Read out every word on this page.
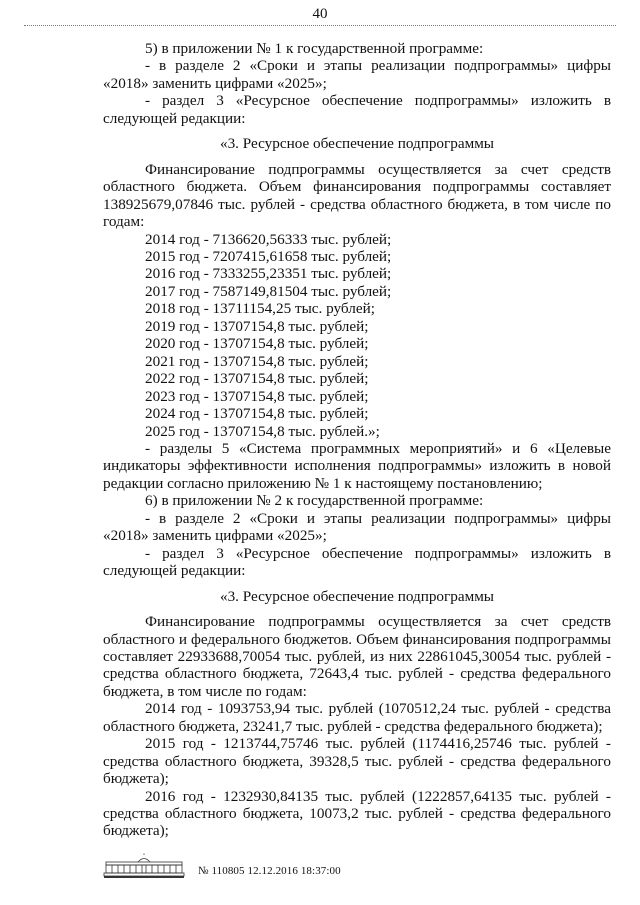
40

5) в приложении № 1 к государственной программе:

- в разделе 2 «Сроки и этапы реализации подпрограммы» цифры «2018» заменить цифрами «2025»;

- раздел 3 «Ресурсное обеспечение подпрограммы» изложить в следующей редакции:

«3. Ресурсное обеспечение подпрограммы

Финансирование подпрограммы осуществляется за счет средств областного бюджета. Объем финансирования подпрограммы составляет 138925679,07846 тыс. рублей - средства областного бюджета, в том числе по годам:

2014 год - 7136620,56333 тыс. рублей;

2015 год - 7207415,61658 тыс. рублей;

2016 год - 7333255,23351 тыс. рублей;

2017 год - 7587149,81504 тыс. рублей;

2018 год - 13711154,25 тыс. рублей;

2019 год - 13707154,8 тыс. рублей;

2020 год - 13707154,8 тыс. рублей;

2021 год - 13707154,8 тыс. рублей;

2022 год - 13707154,8 тыс. рублей;

2023 год - 13707154,8 тыс. рублей;

2024 год - 13707154,8 тыс. рублей;

2025 год - 13707154,8 тыс. рублей.»;

- разделы 5 «Система программных мероприятий» и 6 «Целевые индикаторы эффективности исполнения подпрограммы» изложить в новой редакции согласно приложению № 1 к настоящему постановлению;

6) в приложении № 2 к государственной программе:

- в разделе 2 «Сроки и этапы реализации подпрограммы» цифры «2018» заменить цифрами «2025»;

- раздел 3 «Ресурсное обеспечение подпрограммы» изложить в следующей редакции:

«3. Ресурсное обеспечение подпрограммы

Финансирование подпрограммы осуществляется за счет средств областного и федерального бюджетов. Объем финансирования подпрограммы составляет 22933688,70054 тыс. рублей, из них 22861045,30054 тыс. рублей - средства областного бюджета, 72643,4 тыс. рублей - средства федерального бюджета, в том числе по годам:

2014 год - 1093753,94 тыс. рублей (1070512,24 тыс. рублей - средства областного бюджета, 23241,7 тыс. рублей - средства федерального бюджета);

2015 год - 1213744,75746 тыс. рублей (1174416,25746 тыс. рублей - средства областного бюджета, 39328,5 тыс. рублей - средства федерального бюджета);

2016 год - 1232930,84135 тыс. рублей (1222857,64135 тыс. рублей - средства областного бюджета, 10073,2 тыс. рублей - средства федерального бюджета);

№ 110805 12.12.2016 18:37:00
